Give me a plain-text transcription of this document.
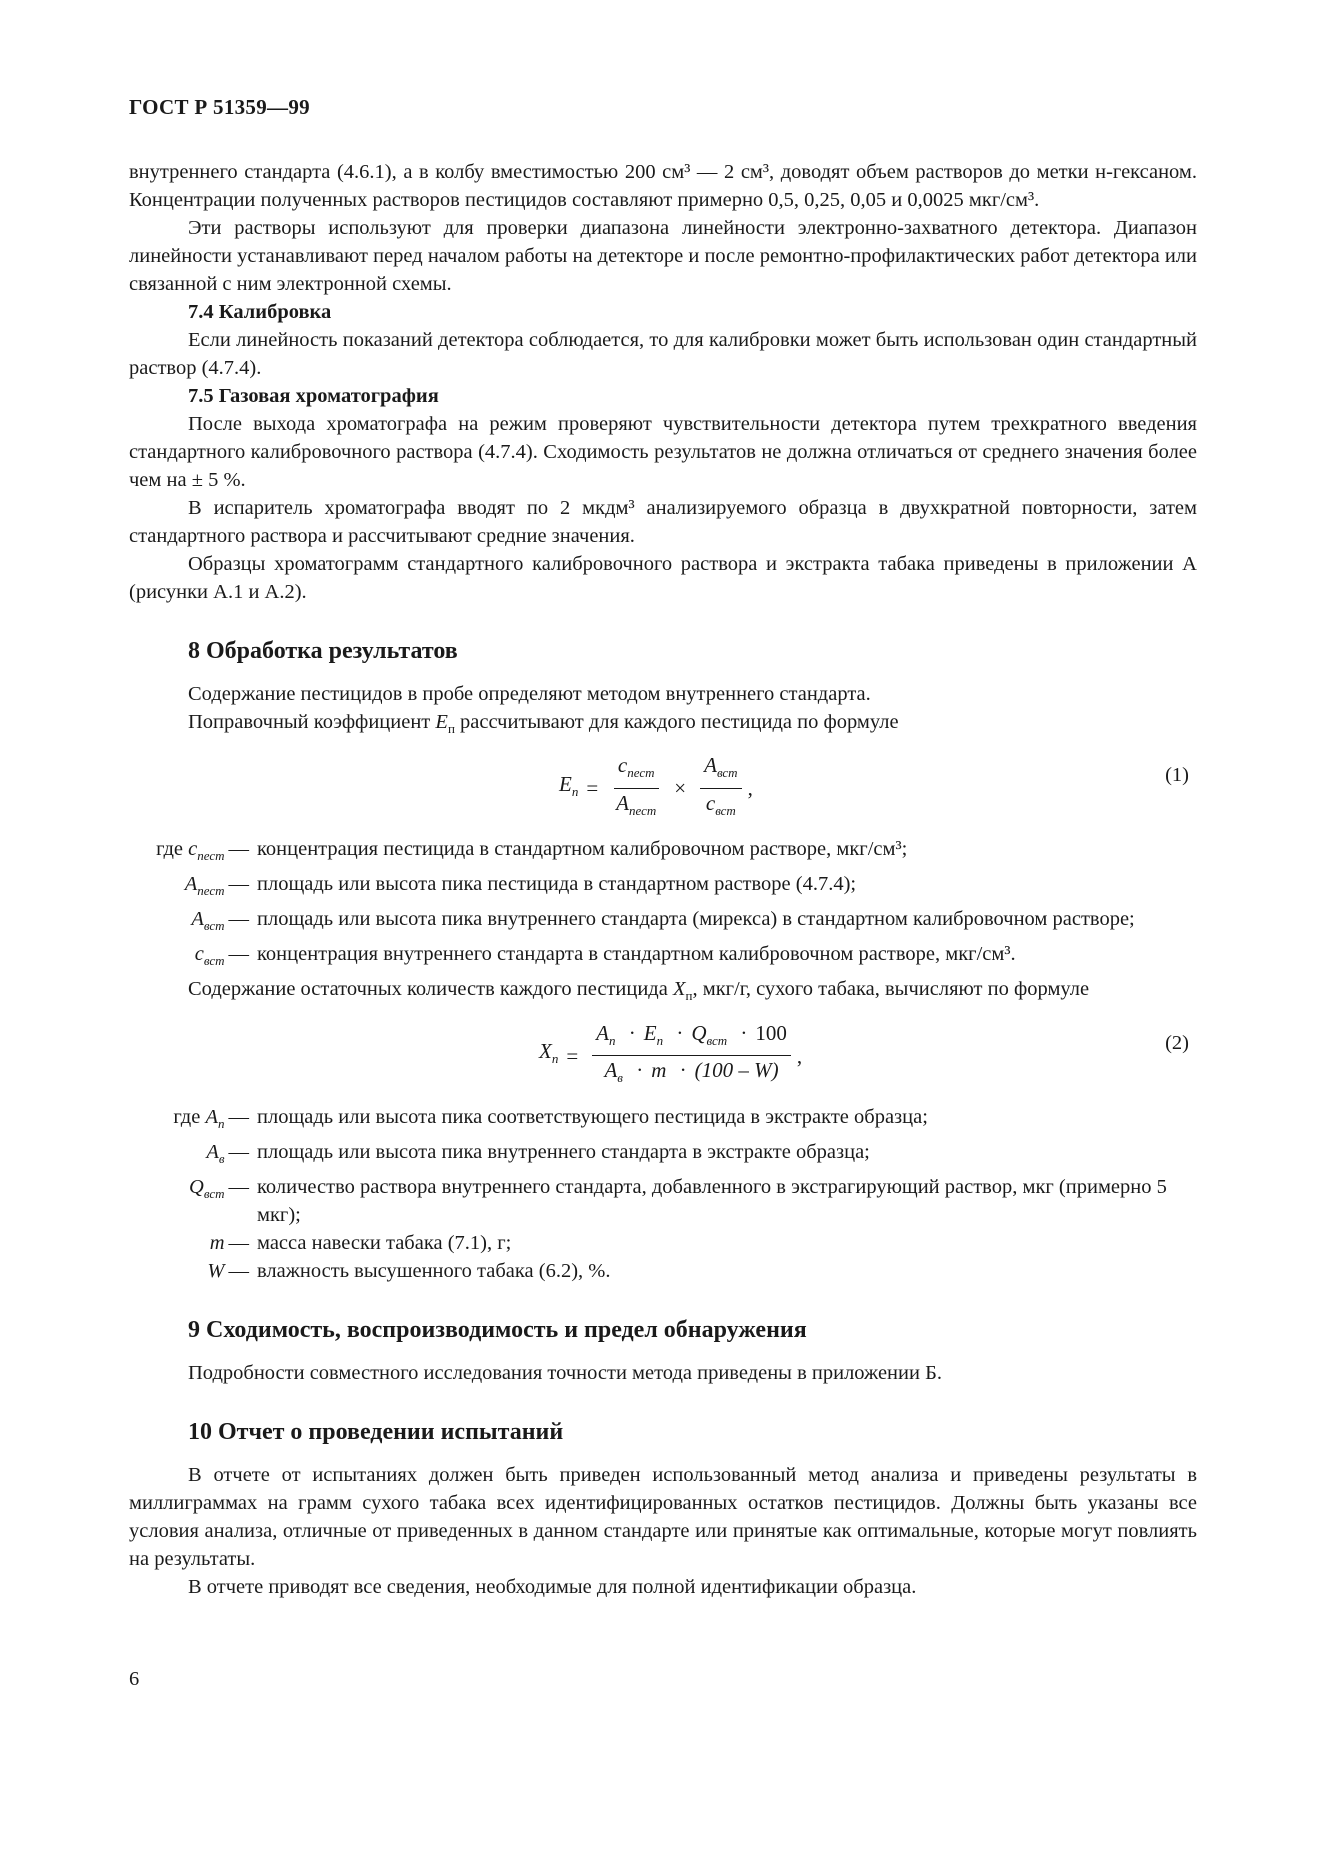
ГОСТ Р 51359—99

внутреннего стандарта (4.6.1), а в колбу вместимостью 200 см³ — 2 см³, доводят объем растворов до метки н-гексаном. Концентрации полученных растворов пестицидов составляют примерно 0,5, 0,25, 0,05 и 0,0025 мкг/см³.

Эти растворы используют для проверки диапазона линейности электронно-захватного детектора. Диапазон линейности устанавливают перед началом работы на детекторе и после ремонтно-профилактических работ детектора или связанной с ним электронной схемы.

7.4 Калибровка

Если линейность показаний детектора соблюдается, то для калибровки может быть использован один стандартный раствор (4.7.4).

7.5 Газовая хроматография

После выхода хроматографа на режим проверяют чувствительности детектора путем трехкратного введения стандартного калибровочного раствора (4.7.4). Сходимость результатов не должна отличаться от среднего значения более чем на ± 5 %.

В испаритель хроматографа вводят по 2 мкдм³ анализируемого образца в двухкратной повторности, затем стандартного раствора и рассчитывают средние значения.

Образцы хроматограмм стандартного калибровочного раствора и экстракта табака приведены в приложении А (рисунки А.1 и А.2).

8 Обработка результатов

Содержание пестицидов в пробе определяют методом внутреннего стандарта.

Поправочный коэффициент $E_п$ рассчитывают для каждого пестицида по формуле

$E_п = \frac{c_{пест}}{A_{пест}} \times \frac{A_{вст}}{c_{вст}}$ ,
(1)
где $c_{пест}$ — концентрация пестицида в стандартном калибровочном растворе, мкг/см³;
$A_{пест}$ — площадь или высота пика пестицида в стандартном растворе (4.7.4);
$A_{вст}$ — площадь или высота пика внутреннего стандарта (мирекса) в стандартном калибровочном растворе;
$c_{вст}$ — концентрация внутреннего стандарта в стандартном калибровочном растворе, мкг/см³.

Содержание остаточных количеств каждого пестицида $X_п$, мкг/г, сухого табака, вычисляют по формуле

$X_п = \frac{A_п \cdot E_п \cdot Q_{вст} \cdot 100}{A_в \cdot m \cdot (100 - W)}$ ,
(2)
где $A_п$ — площадь или высота пика соответствующего пестицида в экстракте образца;
$A_в$ — площадь или высота пика внутреннего стандарта в экстракте образца;
$Q_{вст}$ — количество раствора внутреннего стандарта, добавленного в экстрагирующий раствор, мкг (примерно 5 мкг);
m — масса навески табака (7.1), г;
W — влажность высушенного табака (6.2), %.
9 Сходимость, воспроизводимость и предел обнаружения

Подробности совместного исследования точности метода приведены в приложении Б.

10 Отчет о проведении испытаний

В отчете от испытаниях должен быть приведен использованный метод анализа и приведены результаты в миллиграммах на грамм сухого табака всех идентифицированных остатков пестицидов. Должны быть указаны все условия анализа, отличные от приведенных в данном стандарте или принятые как оптимальные, которые могут повлиять на результаты.

В отчете приводят все сведения, необходимые для полной идентификации образца.

6
